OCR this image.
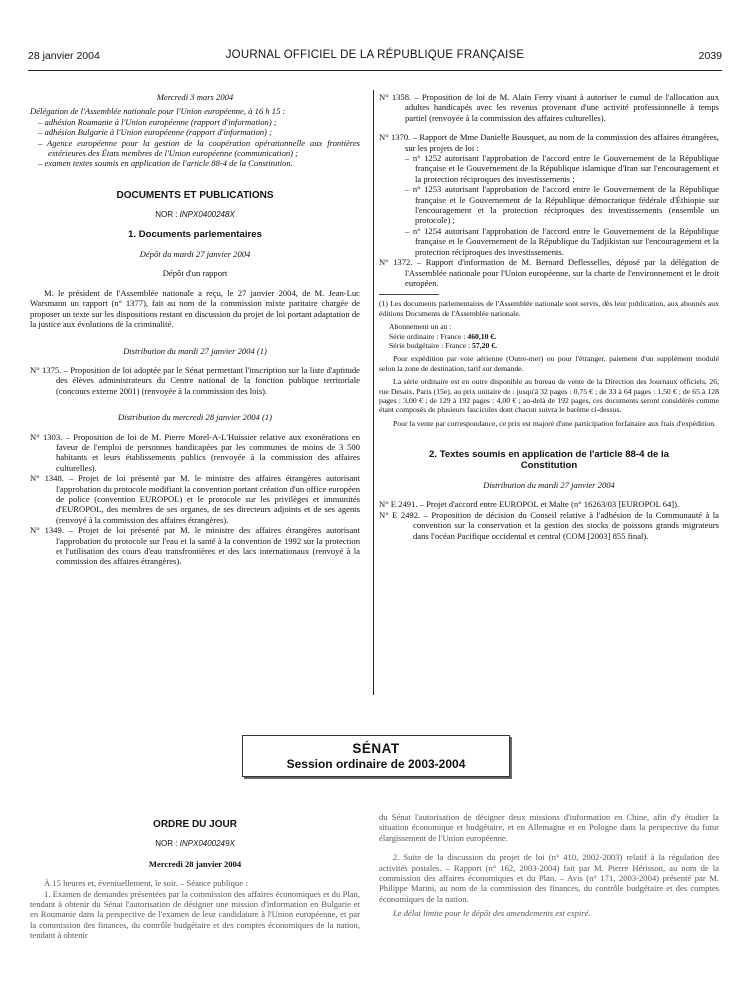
28 janvier 2004	JOURNAL OFFICIEL DE LA RÉPUBLIQUE FRANÇAISE	2039

Mercredi 3 mars 2004

Délégation de l'Assemblée nationale pour l'Union européenne, à 16 h 15 :

– adhésion Roumanie à l'Union européenne (rapport d'information) ;

– adhésion Bulgarie à l'Union européenne (rapport d'information) ;

– Agence européenne pour la gestion de la coopération opérationnelle aux frontières extérieures des États membres de l'Union européenne (communication) ;

– examen textes soumis en application de l'article 88-4 de la Constitution.

DOCUMENTS ET PUBLICATIONS

NOR : INPX0400248X

1. Documents parlementaires

Dépôt du mardi 27 janvier 2004

Dépôt d'un rapport

M. le président de l'Assemblée nationale a reçu, le 27 janvier 2004, de M. Jean-Luc Warsmann un rapport (n° 1377), fait au nom de la commission mixte paritaire chargée de proposer un texte sur les dispositions restant en discussion du projet de loi portant adaptation de la justice aux évolutions de la criminalité.

Distribution du mardi 27 janvier 2004 (1)

N° 1375. – Proposition de loi adoptée par le Sénat permettant l'inscription sur la liste d'aptitude des élèves administrateurs du Centre national de la fonction publique territoriale (concours externe 2001) (renvoyée à la commission des lois).

Distribution du mercredi 28 janvier 2004 (1)

N° 1303. – Proposition de loi de M. Pierre Morel-A-L'Huissier relative aux exonérations en faveur de l'emploi de personnes handicapées par les communes de moins de 3 500 habitants et leurs établissements publics (renvoyée à la commission des affaires culturelles).

N° 1348. – Projet de loi présenté par M. le ministre des affaires étrangères autorisant l'approbation du protocole modifiant la convention portant création d'un office européen de police (convention EUROPOL) et le protocole sur les privilèges et immunités d'EUROPOL, des membres de ses organes, de ses directeurs adjoints et de ses agents (renvoyé à la commission des affaires étrangères).

N° 1349. – Projet de loi présenté par M. le ministre des affaires étrangères autorisant l'approbation du protocole sur l'eau et la santé à la convention de 1992 sur la protection et l'utilisation des cours d'eau transfrontières et des lacs internationaux (renvoyé à la commission des affaires étrangères).

N° 1358. – Proposition de loi de M. Alain Ferry visant à autoriser le cumul de l'allocation aux adultes handicapés avec les revenus provenant d'une activité professionnelle à temps partiel (renvoyée à la commission des affaires culturelles).

N° 1370. – Rapport de Mme Danielle Bousquet, au nom de la commission des affaires étrangères, sur les projets de loi :

– n° 1252 autorisant l'approbation de l'accord entre le Gouvernement de la République française et le Gouvernement de la République islamique d'Iran sur l'encouragement et la protection réciproques des investissements ;

– n° 1253 autorisant l'approbation de l'accord entre le Gouvernement de la République française et le Gouvernement de la République démocratique fédérale d'Éthiopie sur l'encouragement et la protection réciproques des investissements (ensemble un protocole) ;

– n° 1254 autorisant l'approbation de l'accord entre le Gouvernement de la République française et le Gouvernement de la République du Tadjikistan sur l'encouragement et la protection réciproques des investissements.

N° 1372. – Rapport d'information de M. Bernard Deflesselles, déposé par la délégation de l'Assemblée nationale pour l'Union européenne, sur la charte de l'environnement et le droit européen.

(1) Les documents parlementaires de l'Assemblée nationale sont servis, dès leur publication, aux abonnés aux éditions Documents de l'Assemblée nationale.

Abonnement un an :

Série ordinaire : France : 460,10 €.

Série budgétaire : France : 57,20 €.

Pour expédition par voie aérienne (Outre-mer) ou pour l'étranger, paiement d'un supplément modulé selon la zone de destination, tarif sur demande.

La série ordinaire est en outre disponible au bureau de vente de la Direction des Journaux officiels, 26, rue Desaix, Paris (15e), au prix unitaire de : jusqu'à 32 pages : 0,75 € ; de 33 à 64 pages : 1,50 € ; de 65 à 128 pages : 3,00 € ; de 129 à 192 pages : 4,00 € ; au-delà de 192 pages, ces documents seront considérés comme étant composés de plusieurs fascicules dont chacun suivra le barème ci-dessus.

Pour la vente par correspondance, ce prix est majoré d'une participation forfaitaire aux frais d'expédition.

2. Textes soumis en application de l'article 88-4 de la Constitution

Distribution du mardi 27 janvier 2004

N° E 2491. – Projet d'accord entre EUROPOL et Malte (n° 16263/03 [EUROPOL 64]).

N° E 2492. – Proposition de décision du Conseil relative à l'adhésion de la Communauté à la convention sur la conservation et la gestion des stocks de poissons grands migrateurs dans l'océan Pacifique occidental et central (COM [2003] 855 final).

SÉNAT
Session ordinaire de 2003-2004

ORDRE DU JOUR

NOR : INPX0400249X

Mercredi 28 janvier 2004

À 15 heures et, éventuellement, le soir. – Séance publique :

1. Examen de demandes présentées par la commission des affaires économiques et du Plan, tendant à obtenir du Sénat l'autorisation de désigner une mission d'information en Bulgarie et en Roumanie dans la perspective de l'examen de leur candidature à l'Union européenne, et par la commission des finances, du contrôle budgétaire et des comptes économiques de la nation, tendant à obtenir

du Sénat l'autorisation de désigner deux missions d'information en Chine, afin d'y étudier la situation économique et budgétaire, et en Allemagne et en Pologne dans la perspective du futur élargissement de l'Union européenne.

2. Suite de la discussion du projet de loi (n° 410, 2002-2003) relatif à la régulation des activités postales. – Rapport (n° 162, 2003-2004) fait par M. Pierre Hérisson, au nom de la commission des affaires économiques et du Plan. – Avis (n° 171, 2003-2004) présenté par M. Philippe Marini, au nom de la commission des finances, du contrôle budgétaire et des comptes économiques de la nation.

Le délai limite pour le dépôt des amendements est expiré.
